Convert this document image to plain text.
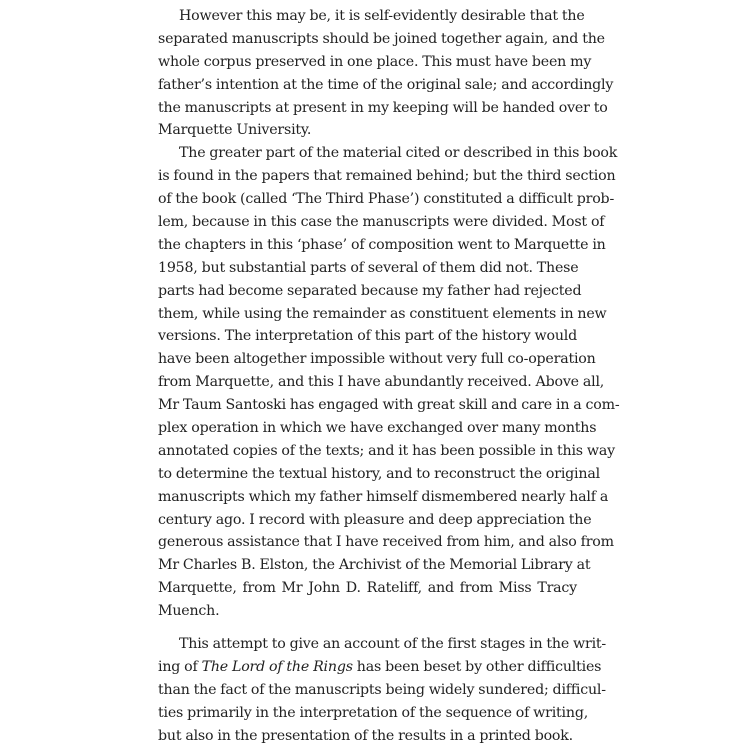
However this may be, it is self-evidently desirable that the
separated manuscripts should be joined together again, and the
whole corpus preserved in one place. This must have been my
father’s intention at the time of the original sale; and accordingly
the manuscripts at present in my keeping will be handed over to
Marquette University.
The greater part of the material cited or described in this book
is found in the papers that remained behind; but the third section
of the book (called ‘The Third Phase’) constituted a difficult prob-
lem, because in this case the manuscripts were divided. Most of
the chapters in this ‘phase’ of composition went to Marquette in
1958, but substantial parts of several of them did not. These
parts had become separated because my father had rejected
them, while using the remainder as constituent elements in new
versions. The interpretation of this part of the history would
have been altogether impossible without very full co-operation
from Marquette, and this I have abundantly received. Above all,
Mr Taum Santoski has engaged with great skill and care in a com-
plex operation in which we have exchanged over many months
annotated copies of the texts; and it has been possible in this way
to determine the textual history, and to reconstruct the original
manuscripts which my father himself dismembered nearly half a
century ago. I record with pleasure and deep appreciation the
generous assistance that I have received from him, and also from
Mr Charles B. Elston, the Archivist of the Memorial Library at
Marquette, from Mr John D. Rateliff, and from Miss Tracy
Muench.
This attempt to give an account of the first stages in the writ-
ing of The Lord of the Rings has been beset by other difficulties
than the fact of the manuscripts being widely sundered; difficul-
ties primarily in the interpretation of the sequence of writing,
but also in the presentation of the results in a printed book.
